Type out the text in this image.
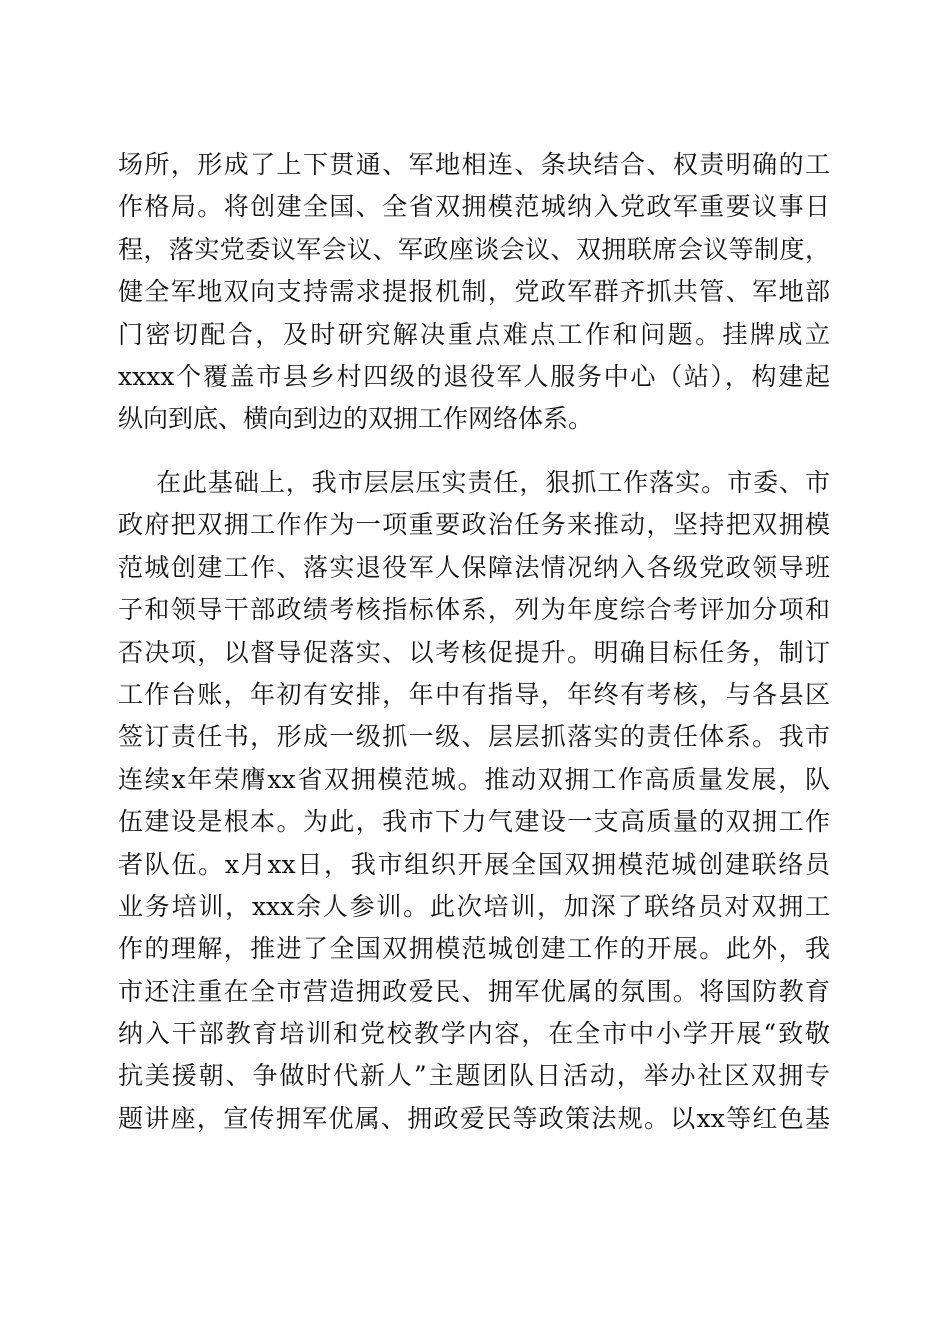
场所，形成了上下贯通、军地相连、条块结合、权责明确的工
作格局。将创建全国、全省双拥模范城纳入党政军重要议事日
程，落实党委议军会议、军政座谈会议、双拥联席会议等制度，
健全军地双向支持需求提报机制，党政军群齐抓共管、军地部
门密切配合，及时研究解决重点难点工作和问题。挂牌成立
xxxx个覆盖市县乡村四级的退役军人服务中心（站），构建起
纵向到底、横向到边的双拥工作网络体系。
在此基础上，我市层层压实责任，狠抓工作落实。市委、市
政府把双拥工作作为一项重要政治任务来推动，坚持把双拥模
范城创建工作、落实退役军人保障法情况纳入各级党政领导班
子和领导干部政绩考核指标体系，列为年度综合考评加分项和
否决项，以督导促落实、以考核促提升。明确目标任务，制订
工作台账，年初有安排，年中有指导，年终有考核，与各县区
签订责任书，形成一级抓一级、层层抓落实的责任体系。我市
连续x年荣膺xx省双拥模范城。推动双拥工作高质量发展，队
伍建设是根本。为此，我市下力气建设一支高质量的双拥工作
者队伍。x月xx日，我市组织开展全国双拥模范城创建联络员
业务培训，xxx余人参训。此次培训，加深了联络员对双拥工
作的理解，推进了全国双拥模范城创建工作的开展。此外，我
市还注重在全市营造拥政爱民、拥军优属的氛围。将国防教育
纳入干部教育培训和党校教学内容，在全市中小学开展“致敬
抗美援朝、争做时代新人”主题团队日活动，举办社区双拥专
题讲座，宣传拥军优属、拥政爱民等政策法规。以xx等红色基
